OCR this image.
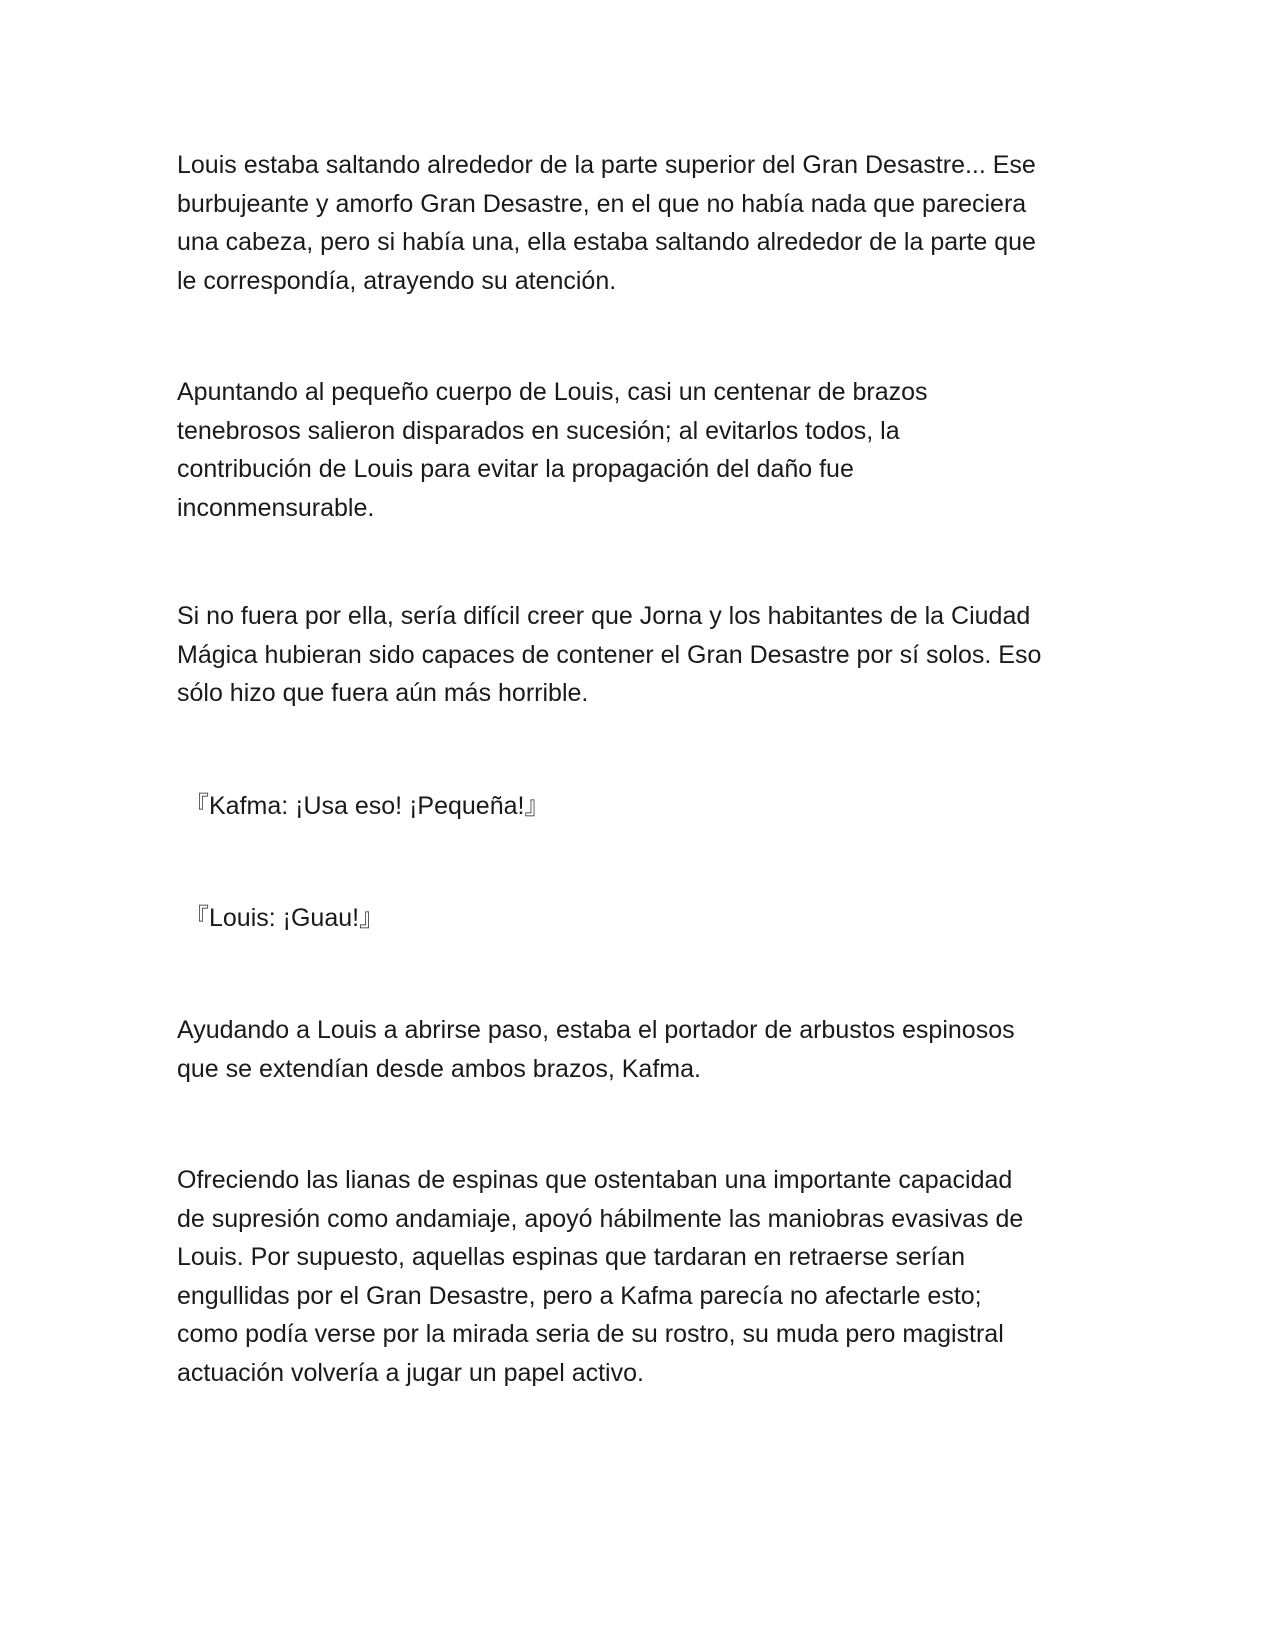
Louis estaba saltando alrededor de la parte superior del Gran Desastre... Ese
burbujeante y amorfo Gran Desastre, en el que no había nada que pareciera
una cabeza, pero si había una, ella estaba saltando alrededor de la parte que
le correspondía, atrayendo su atención.

Apuntando al pequeño cuerpo de Louis, casi un centenar de brazos
tenebrosos salieron disparados en sucesión; al evitarlos todos, la
contribución de Louis para evitar la propagación del daño fue
inconmensurable.

Si no fuera por ella, sería difícil creer que Jorna y los habitantes de la Ciudad
Mágica hubieran sido capaces de contener el Gran Desastre por sí solos. Eso
sólo hizo que fuera aún más horrible.

『Kafma: ¡Usa eso! ¡Pequeña!』

『Louis: ¡Guau!』

Ayudando a Louis a abrirse paso, estaba el portador de arbustos espinosos
que se extendían desde ambos brazos, Kafma.

Ofreciendo las lianas de espinas que ostentaban una importante capacidad
de supresión como andamiaje, apoyó hábilmente las maniobras evasivas de
Louis. Por supuesto, aquellas espinas que tardaran en retraerse serían
engullidas por el Gran Desastre, pero a Kafma parecía no afectarle esto;
como podía verse por la mirada seria de su rostro, su muda pero magistral
actuación volvería a jugar un papel activo.
